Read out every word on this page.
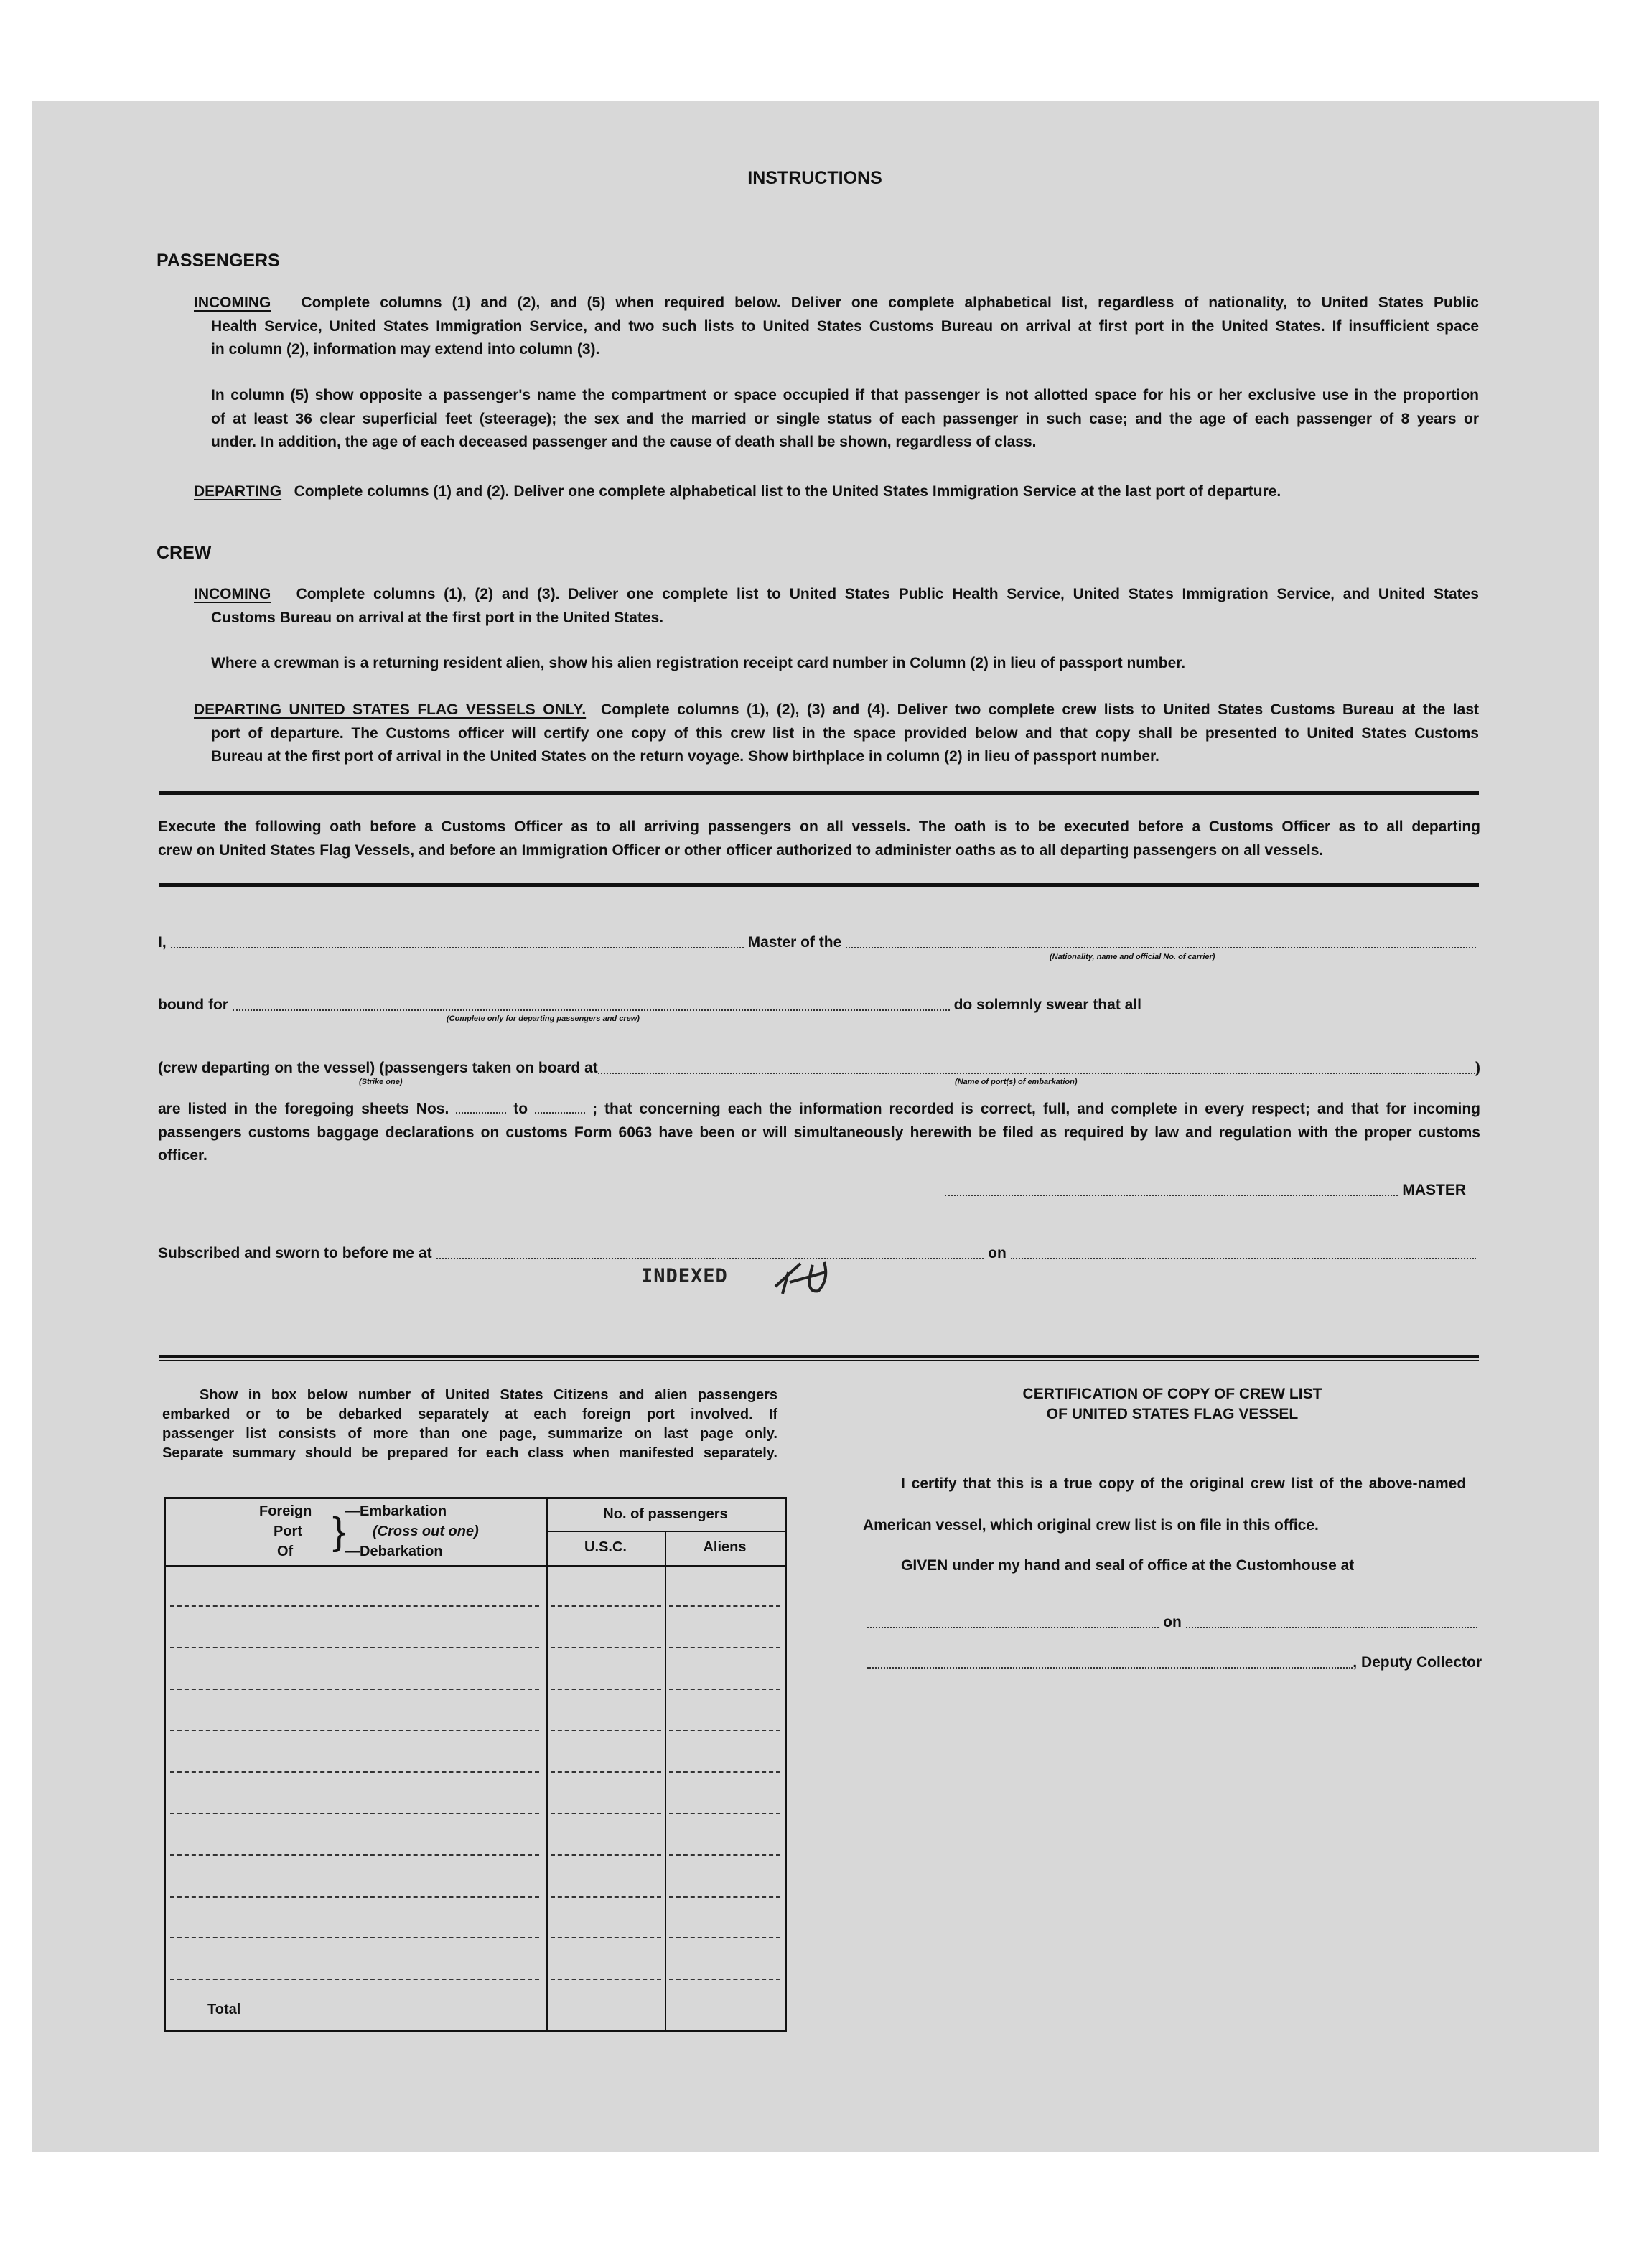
INSTRUCTIONS
PASSENGERS
INCOMING Complete columns (1) and (2), and (5) when required below. Deliver one complete alphabetical list, regardless of nationality, to United States Public
Health Service, United States Immigration Service, and two such lists to United States Customs Bureau on arrival at first port in the United States. If insufficient space
in column (2), information may extend into column (3).
In column (5) show opposite a passenger's name the compartment or space occupied if that passenger is not allotted space for his or her exclusive use in the proportion
of at least 36 clear superficial feet (steerage); the sex and the married or single status of each passenger in such case; and the age of each passenger of 8 years or
under. In addition, the age of each deceased passenger and the cause of death shall be shown, regardless of class.
DEPARTING Complete columns (1) and (2). Deliver one complete alphabetical list to the United States Immigration Service at the last port of departure.
CREW
INCOMING Complete columns (1), (2) and (3). Deliver one complete list to United States Public Health Service, United States Immigration Service, and United States
Customs Bureau on arrival at the first port in the United States.
Where a crewman is a returning resident alien, show his alien registration receipt card number in Column (2) in lieu of passport number.
DEPARTING UNITED STATES FLAG VESSELS ONLY. Complete columns (1), (2), (3) and (4). Deliver two complete crew lists to United States Customs Bureau at the last
port of departure. The Customs officer will certify one copy of this crew list in the space provided below and that copy shall be presented to United States Customs
Bureau at the first port of arrival in the United States on the return voyage. Show birthplace in column (2) in lieu of passport number.
Execute the following oath before a Customs Officer as to all arriving passengers on all vessels. The oath is to be executed before a Customs Officer as to all departing
crew on United States Flag Vessels, and before an Immigration Officer or other officer authorized to administer oaths as to all departing passengers on all vessels.
I,	Master of the
(Nationality, name and official No. of carrier)
bound for	do solemnly swear that all
(Complete only for departing passengers and crew)
(crew departing on the vessel) (passengers taken on board at	)
(Strike one)	(Name of port(s) of embarkation)
are listed in the foregoing sheets Nos.	to	; that concerning each the information recorded is correct, full, and complete in every respect; and that for incoming
passengers customs baggage declarations on customs Form 6063 have been or will simultaneously herewith be filed as required by law and regulation with the proper customs
officer.
MASTER
Subscribed and sworn to before me at	on
INDEXED
Show in box below number of United States Citizens and alien passengers
embarked or to be debarked separately at each foreign port involved. If
passenger list consists of more than one page, summarize on last page only.
Separate summary should be prepared for each class when manifested separately.
Foreign
Port
Of } —Embarkation
(Cross out one)
—Debarkation
No. of passengers
U.S.C.	Aliens
Total
CERTIFICATION OF COPY OF CREW LIST
OF UNITED STATES FLAG VESSEL
I certify that this is a true copy of the original crew list of the above-named
American vessel, which original crew list is on file in this office.
GIVEN under my hand and seal of office at the Customhouse at
on
, Deputy Collector
